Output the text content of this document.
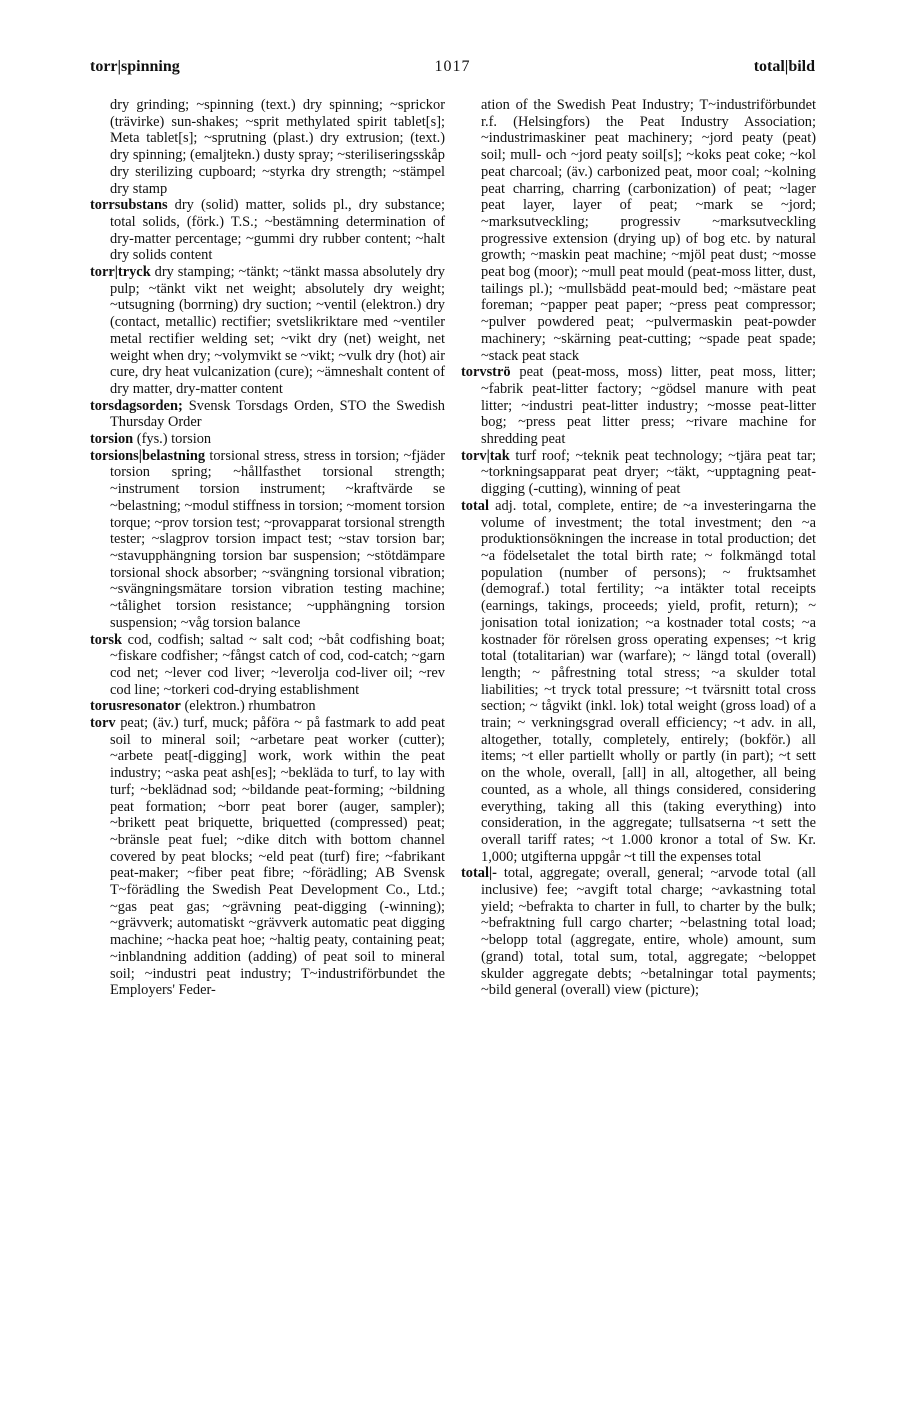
torr|spinning	1017	total|bild

dry grinding; ~spinning (text.) dry spinning; ~sprickor (trävirke) sun-shakes; ~sprit methylated spirit tablet[s]; Meta tablet[s]; ~sprutning (plast.) dry extrusion; (text.) dry spinning; (emaljtekn.) dusty spray; ~steriliseringsskåp dry sterilizing cupboard; ~styrka dry strength; ~stämpel dry stamp

torrsubstans dry (solid) matter, solids pl., dry substance; total solids, (förk.) T.S.; ~bestämning determination of dry-matter percentage; ~gummi dry rubber content; ~halt dry solids content

torr|tryck dry stamping; ~tänkt; ~tänkt massa absolutely dry pulp; ~tänkt vikt net weight; absolutely dry weight; ~utsugning (borrning) dry suction; ~ventil (elektron.) dry (contact, metallic) rectifier; svetslikriktare med ~ventiler metal rectifier welding set; ~vikt dry (net) weight, net weight when dry; ~volymvikt se ~vikt; ~vulk dry (hot) air cure, dry heat vulcanization (cure); ~ämneshalt content of dry matter, dry-matter content

torsdagsorden; Svensk Torsdags Orden, STO the Swedish Thursday Order

torsion (fys.) torsion

torsions|belastning torsional stress, stress in torsion; ~fjäder torsion spring; ~hållfasthet torsional strength; ~instrument torsion instrument; ~kraftvärde se ~belastning; ~modul stiffness in torsion; ~moment torsion torque; ~prov torsion test; ~provapparat torsional strength tester; ~slagprov torsion impact test; ~stav torsion bar; ~stavupphängning torsion bar suspension; ~stötdämpare torsional shock absorber; ~svängning torsional vibration; ~svängningsmätare torsion vibration testing machine; ~tålighet torsion resistance; ~upphängning torsion suspension; ~våg torsion balance

torsk cod, codfish; saltad ~ salt cod; ~båt codfishing boat; ~fiskare codfisher; ~fångst catch of cod, cod-catch; ~garn cod net; ~lever cod liver; ~leverolja cod-liver oil; ~rev cod line; ~torkeri cod-drying establishment

torusresonator (elektron.) rhumbatron

torv peat; (äv.) turf, muck; påföra ~ på fastmark to add peat soil to mineral soil; ~arbetare peat worker (cutter); ~arbete peat[-digging] work, work within the peat industry; ~aska peat ash[es]; ~bekläda to turf, to lay with turf; ~beklädnad sod; ~bildande peat-forming; ~bildning peat formation; ~borr peat borer (auger, sampler); ~brikett peat briquette, briquetted (compressed) peat; ~bränsle peat fuel; ~dike ditch with bottom channel covered by peat blocks; ~eld peat (turf) fire; ~fabrikant peat-maker; ~fiber peat fibre; ~förädling; AB Svensk T~förädling the Swedish Peat Development Co., Ltd.; ~gas peat gas; ~grävning peat-digging (-winning); ~grävverk; automatiskt ~grävverk automatic peat digging machine; ~hacka peat hoe; ~haltig peaty, containing peat; ~inblandning addition (adding) of peat soil to mineral soil; ~industri peat industry; T~industriförbundet the Employers' Feder-

ation of the Swedish Peat Industry; T~industriförbundet r.f. (Helsingfors) the Peat Industry Association; ~industrimaskiner peat machinery; ~jord peaty (peat) soil; mull- och ~jord peaty soil[s]; ~koks peat coke; ~kol peat charcoal; (äv.) carbonized peat, moor coal; ~kolning peat charring, charring (carbonization) of peat; ~lager peat layer, layer of peat; ~mark se ~jord; ~marksutveckling; progressiv ~marksutveckling progressive extension (drying up) of bog etc. by natural growth; ~maskin peat machine; ~mjöl peat dust; ~mosse peat bog (moor); ~mull peat mould (peat-moss litter, dust, tailings pl.); ~mullsbädd peat-mould bed; ~mästare peat foreman; ~papper peat paper; ~press peat compressor; ~pulver powdered peat; ~pulvermaskin peat-powder machinery; ~skärning peat-cutting; ~spade peat spade; ~stack peat stack

torvströ peat (peat-moss, moss) litter, peat moss, litter; ~fabrik peat-litter factory; ~gödsel manure with peat litter; ~industri peat-litter industry; ~mosse peat-litter bog; ~press peat litter press; ~rivare machine for shredding peat

torv|tak turf roof; ~teknik peat technology; ~tjära peat tar; ~torkningsapparat peat dryer; ~täkt, ~upptagning peat-digging (-cutting), winning of peat

total adj. total, complete, entire; de ~a investeringarna the volume of investment; the total investment; den ~a produktionsökningen the increase in total production; det ~a födelsetalet the total birth rate; ~ folkmängd total population (number of persons); ~ fruktsamhet (demograf.) total fertility; ~a intäkter total receipts (earnings, takings, proceeds; yield, profit, return); ~ jonisation total ionization; ~a kostnader total costs; ~a kostnader för rörelsen gross operating expenses; ~t krig total (totalitarian) war (warfare); ~ längd total (overall) length; ~ påfrestning total stress; ~a skulder total liabilities; ~t tryck total pressure; ~t tvärsnitt total cross section; ~ tågvikt (inkl. lok) total weight (gross load) of a train; ~ verkningsgrad overall efficiency; ~t adv. in all, altogether, totally, completely, entirely; (bokför.) all items; ~t eller partiellt wholly or partly (in part); ~t sett on the whole, overall, [all] in all, altogether, all being counted, as a whole, all things considered, considering everything, taking all this (taking everything) into consideration, in the aggregate; tullsatserna ~t sett the overall tariff rates; ~t 1.000 kronor a total of Sw. Kr. 1,000; utgifterna uppgår ~t till the expenses total

total|- total, aggregate; overall, general; ~arvode total (all inclusive) fee; ~avgift total charge; ~avkastning total yield; ~befrakta to charter in full, to charter by the bulk; ~befraktning full cargo charter; ~belastning total load; ~belopp total (aggregate, entire, whole) amount, sum (grand) total, total sum, total, aggregate; ~beloppet skulder aggregate debts; ~betalningar total payments; ~bild general (overall) view (picture);
